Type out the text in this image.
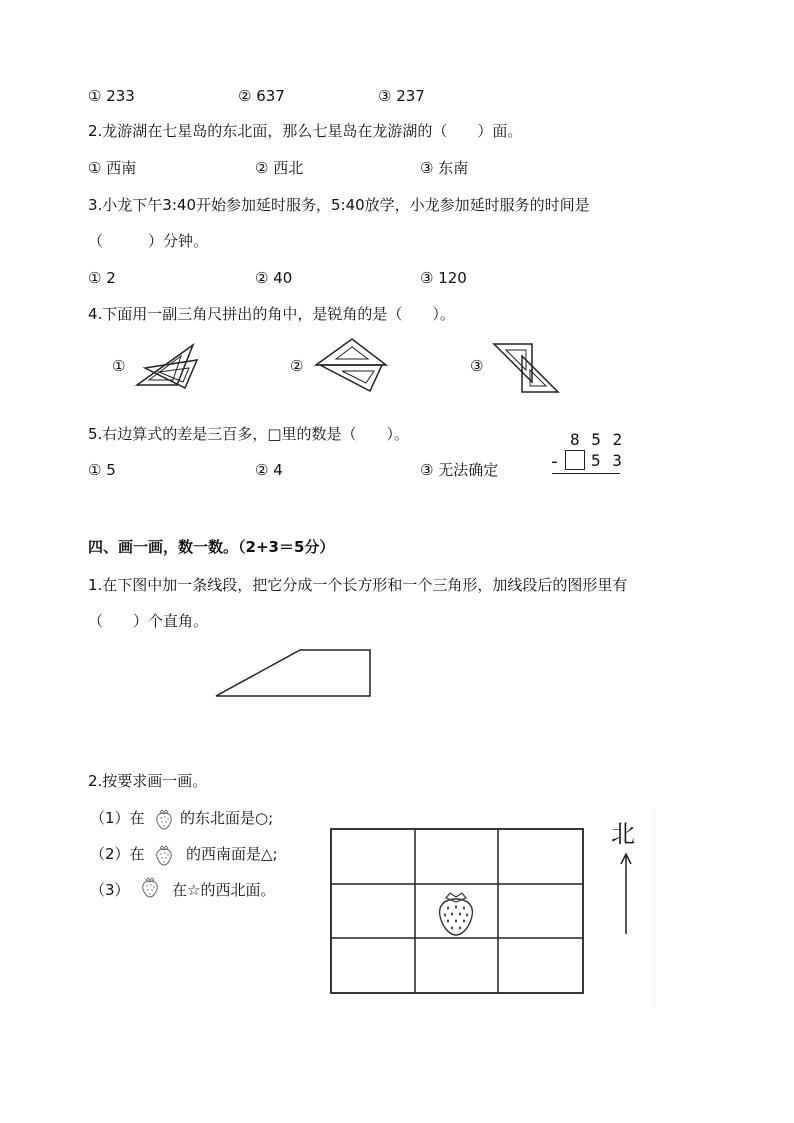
① 233	② 637	③ 237
2.龙游湖在七星岛的东北面，那么七星岛在龙游湖的（　　）面。
① 西南	② 西北	③ 东南
3.小龙下午3:40开始参加延时服务，5:40放学，小龙参加延时服务的时间是
（　　　）分钟。
① 2	② 40	③ 120
4.下面用一副三角尺拼出的角中，是锐角的是（　　）。
①	②	③
5.右边算式的差是三百多，□里的数是（　　）。
① 5	② 4	③ 无法确定
8 5 2
- 5 3
四、画一画，数一数。（2+3＝5分）
1.在下图中加一条线段，把它分成一个长方形和一个三角形，加线段后的图形里有
（　　）个直角。
2.按要求画一画。
（1）在 的东北面是○;
（2）在	的西南面是△;
（3）	在☆的西北面。
北
